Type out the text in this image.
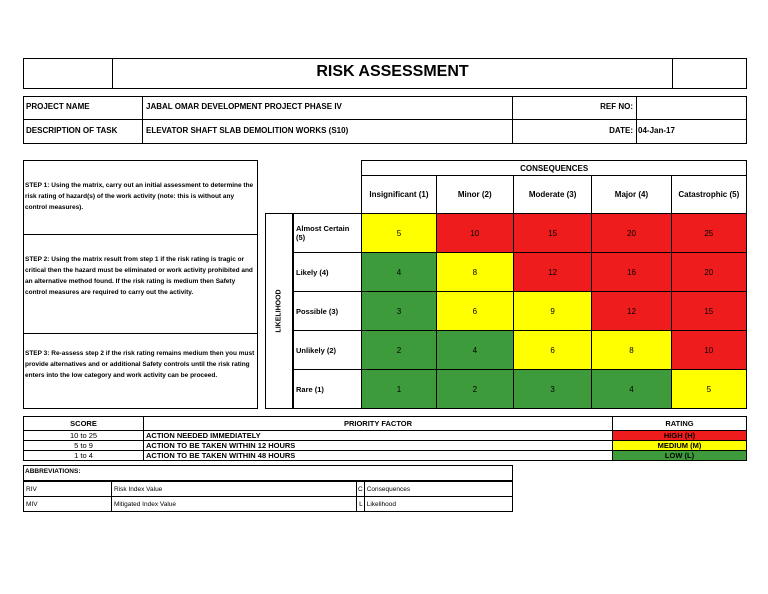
RISK ASSESSMENT
PROJECT NAME	JABAL OMAR DEVELOPMENT PROJECT PHASE IV	REF NO:
DESCRIPTION OF TASK	ELEVATOR SHAFT SLAB DEMOLITION WORKS (S10)	DATE: 04-Jan-17
STEP 1: Using the matrix, carry out an initial assessment to determine the risk rating of hazard(s) of the work activity (note: this is without any control measures).
STEP 2: Using the matrix result from step 1 if the risk rating is tragic or critical then the hazard must be eliminated or work activity prohibited and an alternative method found. If the risk rating is medium then Safety control measures are required to carry out the activity.
STEP 3: Re-assess step 2 if the risk rating remains medium then you must provide alternatives and or additional Safety controls until the risk rating enters into the low category and work activity can be proceed.
LIKELIHOOD
	CONSEQUENCES				
	Insignificant (1)	Minor (2)	Moderate (3)	Major (4)	Catastrophic (5)
Almost Certain (5)	5	10	15	20	25
Likely (4)	4	8	12	16	20
Possible (3)	3	6	9	12	15
Unlikely (2)	2	4	6	8	10
Rare (1)	1	2	3	4	5
SCORE	PRIORITY FACTOR	RATING
10 to 25	ACTION NEEDED IMMEDIATELY	HIGH (H)
5 to 9	ACTION TO BE TAKEN WITHIN 12 HOURS	MEDIUM (M)
1 to 4	ACTION TO BE TAKEN WITHIN 48 HOURS	LOW (L)
ABBREVIATIONS:
RIV	Risk Index Value	C	Consequences
MIV	Mitigated Index Value	L	Likelihood
